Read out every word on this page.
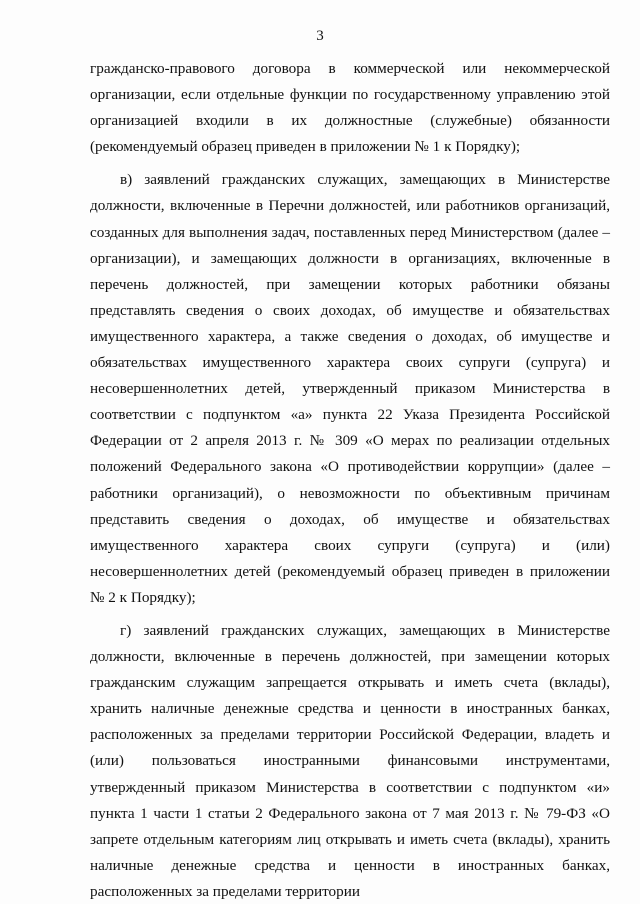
3

гражданско-правового договора в коммерческой или некоммерческой организации, если отдельные функции по государственному управлению этой организацией входили в их должностные (служебные) обязанности (рекомендуемый образец приведен в приложении № 1 к Порядку);

в) заявлений гражданских служащих, замещающих в Министерстве должности, включенные в Перечни должностей, или работников организаций, созданных для выполнения задач, поставленных перед Министерством (далее – организации), и замещающих должности в организациях, включенные в перечень должностей, при замещении которых работники обязаны представлять сведения о своих доходах, об имуществе и обязательствах имущественного характера, а также сведения о доходах, об имуществе и обязательствах имущественного характера своих супруги (супруга) и несовершеннолетних детей, утвержденный приказом Министерства в соответствии с подпунктом «а» пункта 22 Указа Президента Российской Федерации от 2 апреля 2013 г. № 309 «О мерах по реализации отдельных положений Федерального закона «О противодействии коррупции» (далее – работники организаций), о невозможности по объективным причинам представить сведения о доходах, об имуществе и обязательствах имущественного характера своих супруги (супруга) и (или) несовершеннолетних детей (рекомендуемый образец приведен в приложении № 2 к Порядку);

г) заявлений гражданских служащих, замещающих в Министерстве должности, включенные в перечень должностей, при замещении которых гражданским служащим запрещается открывать и иметь счета (вклады), хранить наличные денежные средства и ценности в иностранных банках, расположенных за пределами территории Российской Федерации, владеть и (или) пользоваться иностранными финансовыми инструментами, утвержденный приказом Министерства в соответствии с подпунктом «и» пункта 1 части 1 статьи 2 Федерального закона от 7 мая 2013 г. № 79-ФЗ «О запрете отдельным категориям лиц открывать и иметь счета (вклады), хранить наличные денежные средства и ценности в иностранных банках, расположенных за пределами территории
